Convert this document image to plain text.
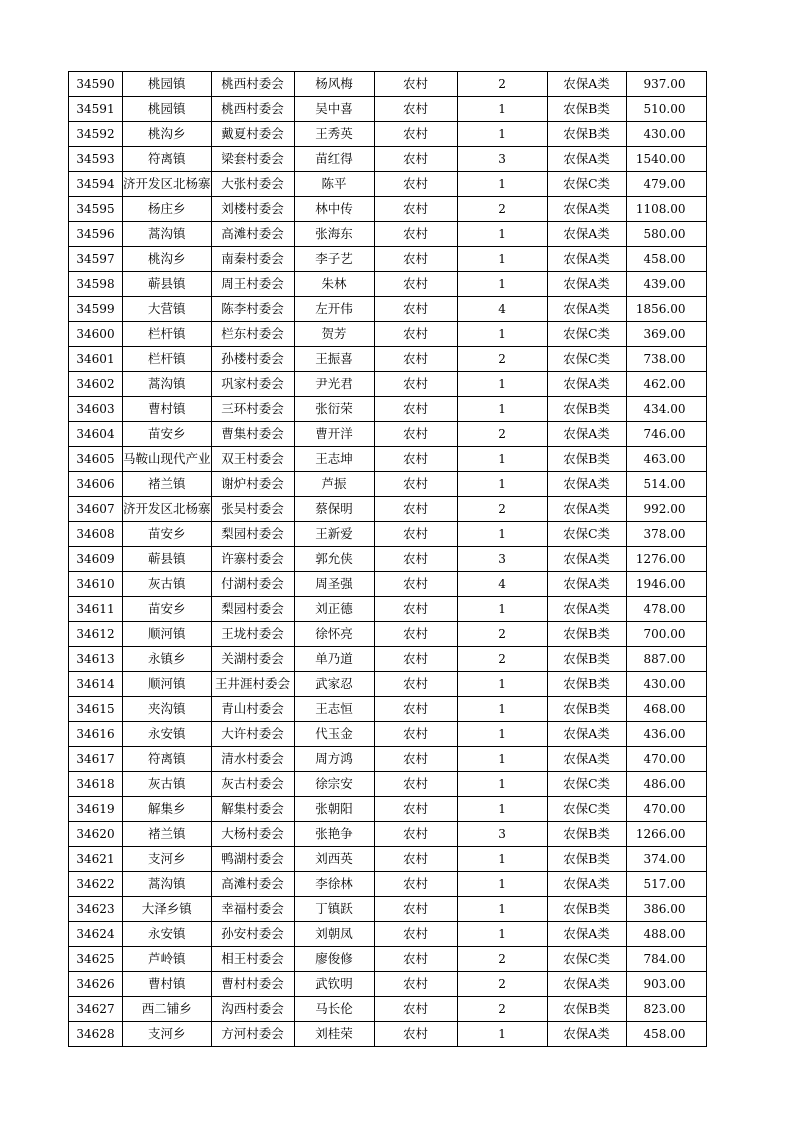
34590	桃园镇	桃西村委会	杨风梅	农村	2	农保A类	937.00
34591	桃园镇	桃西村委会	吴中喜	农村	1	农保B类	510.00
34592	桃沟乡	戴夏村委会	王秀英	农村	1	农保B类	430.00
34593	符离镇	梁套村委会	苗红得	农村	3	农保A类	1540.00
34594	济开发区北杨寨	大张村委会	陈平	农村	1	农保C类	479.00
34595	杨庄乡	刘楼村委会	林中传	农村	2	农保A类	1108.00
34596	蒿沟镇	高滩村委会	张海东	农村	1	农保A类	580.00
34597	桃沟乡	南秦村委会	李子艺	农村	1	农保A类	458.00
34598	蕲县镇	周王村委会	朱林	农村	1	农保A类	439.00
34599	大营镇	陈李村委会	左开伟	农村	4	农保A类	1856.00
34600	栏杆镇	栏东村委会	贺芳	农村	1	农保C类	369.00
34601	栏杆镇	孙楼村委会	王振喜	农村	2	农保C类	738.00
34602	蒿沟镇	巩家村委会	尹光君	农村	1	农保A类	462.00
34603	曹村镇	三环村委会	张衍荣	农村	1	农保B类	434.00
34604	苗安乡	曹集村委会	曹开洋	农村	2	农保A类	746.00
34605	马鞍山现代产业	双王村委会	王志坤	农村	1	农保B类	463.00
34606	褚兰镇	谢炉村委会	芦振	农村	1	农保A类	514.00
34607	济开发区北杨寨	张吴村委会	蔡保明	农村	2	农保A类	992.00
34608	苗安乡	梨园村委会	王新爱	农村	1	农保C类	378.00
34609	蕲县镇	许寨村委会	郭允侠	农村	3	农保A类	1276.00
34610	灰古镇	付湖村委会	周圣强	农村	4	农保A类	1946.00
34611	苗安乡	梨园村委会	刘正德	农村	1	农保A类	478.00
34612	顺河镇	王垅村委会	徐怀亮	农村	2	农保B类	700.00
34613	永镇乡	关湖村委会	单乃道	农村	2	农保B类	887.00
34614	顺河镇	王井涯村委会	武家忍	农村	1	农保B类	430.00
34615	夹沟镇	青山村委会	王志恒	农村	1	农保B类	468.00
34616	永安镇	大许村委会	代玉金	农村	1	农保A类	436.00
34617	符离镇	清水村委会	周方鸿	农村	1	农保A类	470.00
34618	灰古镇	灰古村委会	徐宗安	农村	1	农保C类	486.00
34619	解集乡	解集村委会	张朝阳	农村	1	农保C类	470.00
34620	褚兰镇	大杨村委会	张艳争	农村	3	农保B类	1266.00
34621	支河乡	鸭湖村委会	刘西英	农村	1	农保B类	374.00
34622	蒿沟镇	高滩村委会	李徐林	农村	1	农保A类	517.00
34623	大泽乡镇	幸福村委会	丁镇跃	农村	1	农保B类	386.00
34624	永安镇	孙安村委会	刘朝凤	农村	1	农保A类	488.00
34625	芦岭镇	相王村委会	廖俊修	农村	2	农保C类	784.00
34626	曹村镇	曹村村委会	武钦明	农村	2	农保A类	903.00
34627	西二铺乡	沟西村委会	马长伦	农村	2	农保B类	823.00
34628	支河乡	方河村委会	刘桂荣	农村	1	农保A类	458.00
